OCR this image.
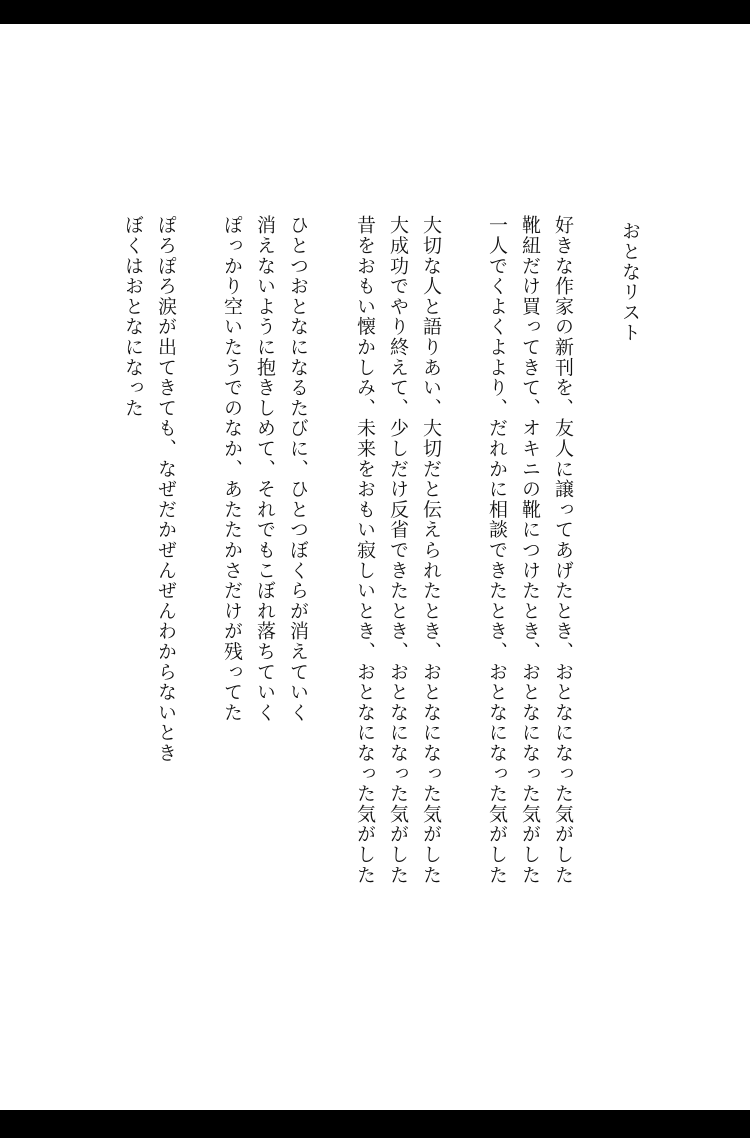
おとなリスト
好きな作家の新刊を、友人に譲ってあげたとき、おとなになった気がした
靴紐だけ買ってきて、オキニの靴につけたとき、おとなになった気がした
一人でくよくよより、だれかに相談できたとき、おとなになった気がした
大切な人と語りあい、大切だと伝えられたとき、おとなになった気がした
大成功でやり終えて、少しだけ反省できたとき、おとなになった気がした
昔をおもい懐かしみ、未来をおもい寂しいとき、おとなになった気がした
ひとつおとなになるたびに、ひとつぼくらが消えていく
消えないように抱きしめて、それでもこぼれ落ちていく
ぽっかり空いたうでのなか、あたたかさだけが残ってた
ぽろぽろ涙が出てきても、なぜだかぜんぜんわからないとき
ぼくはおとなになった
